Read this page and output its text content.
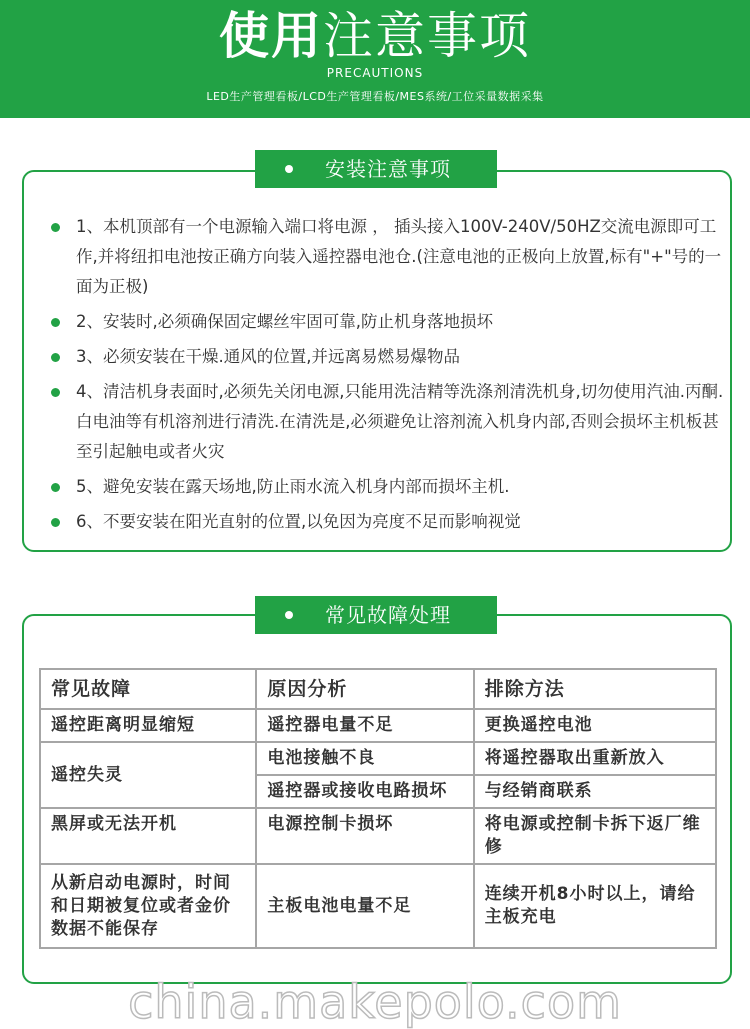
使用注意事项
PRECAUTIONS
LED生产管理看板/LCD生产管理看板/MES系统/工位采量数据采集
安装注意事项
1、本机顶部有一个电源输入端口将电源 ， 插头接入100V-240V/50HZ交流电源即可工作,并将纽扣电池按正确方向装入遥控器电池仓.(注意电池的正极向上放置,标有"+"号的一面为正极)
2、安装时,必须确保固定螺丝牢固可靠,防止机身落地损坏
3、必须安装在干燥.通风的位置,并远离易燃易爆物品
4、清洁机身表面时,必须先关闭电源,只能用洗洁精等洗涤剂清洗机身,切勿使用汽油.丙酮.白电油等有机溶剂进行清洗.在清洗是,必须避免让溶剂流入机身内部,否则会损坏主机板甚至引起触电或者火灾
5、避免安装在露天场地,防止雨水流入机身内部而损坏主机.
6、不要安装在阳光直射的位置,以免因为亮度不足而影响视觉
常见故障处理
常见故障	原因分析	排除方法
遥控距离明显缩短	遥控器电量不足	更换遥控电池
遥控失灵	电池接触不良	将遥控器取出重新放入
	遥控器或接收电路损坏	与经销商联系
黑屏或无法开机	电源控制卡损坏	将电源或控制卡拆下返厂维修
从新启动电源时，时间和日期被复位或者金价数据不能保存	主板电池电量不足	连续开机8小时以上，请给主板充电
china.makepolo.com
